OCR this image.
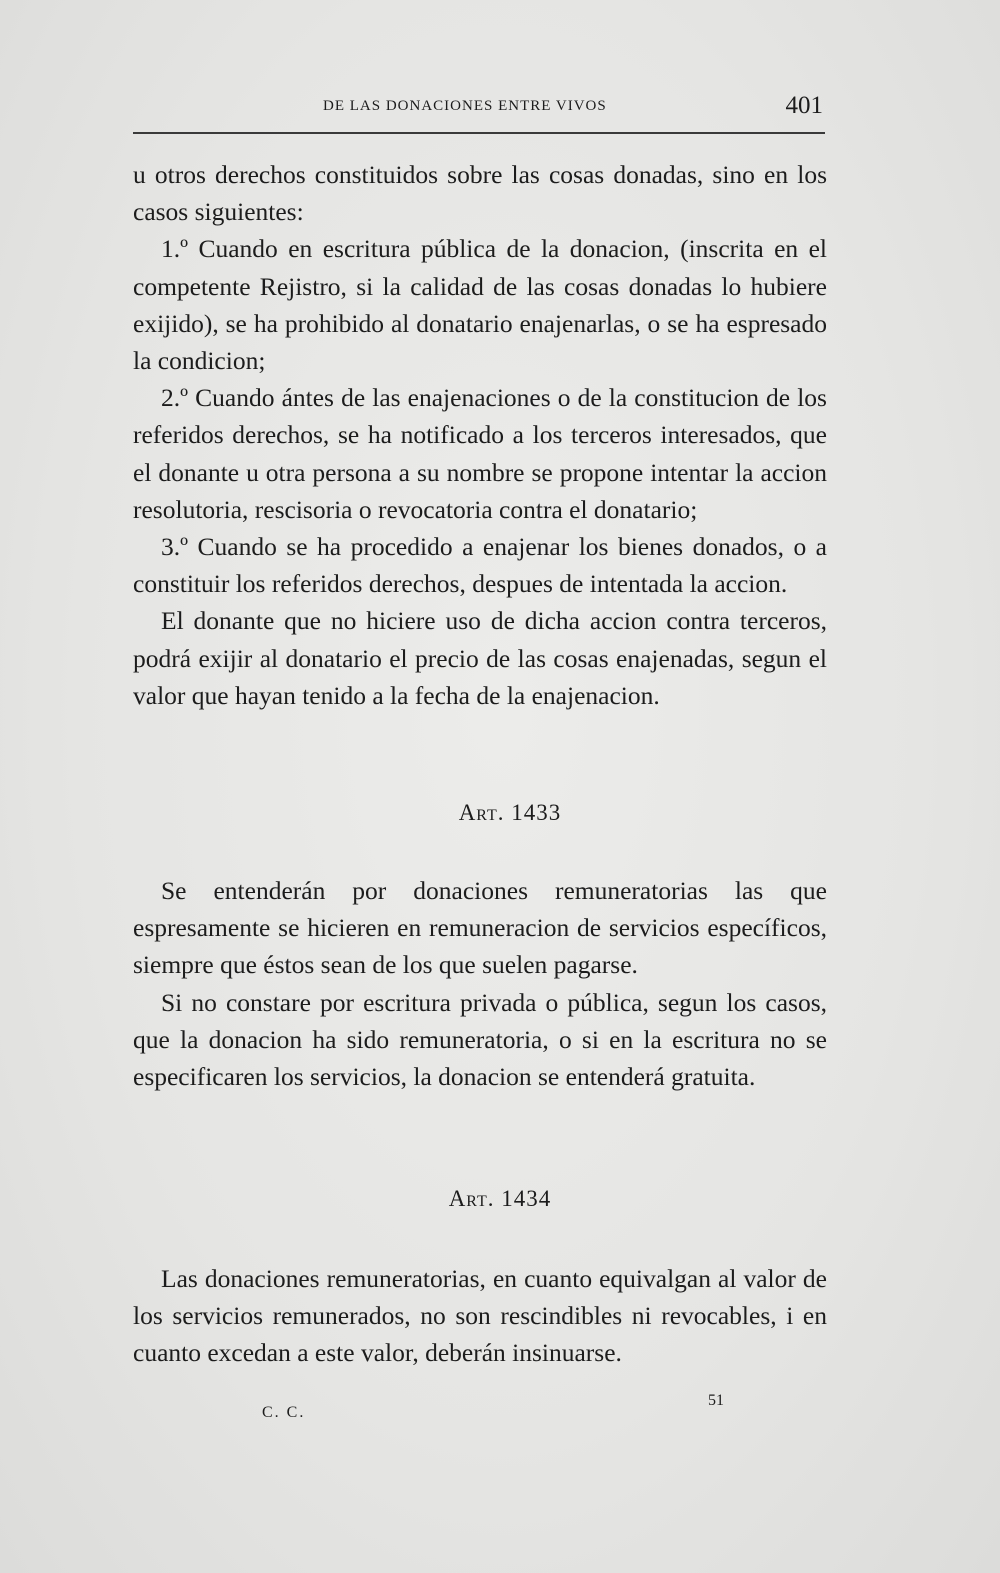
DE LAS DONACIONES ENTRE VIVOS	401

u otros derechos constituidos sobre las cosas donadas, sino en los casos siguientes:

1.º Cuando en escritura pública de la donacion, (inscrita en el competente Rejistro, si la calidad de las cosas donadas lo hubiere exijido), se ha prohibido al donatario enajenarlas, o se ha espresado la condicion;

2.º Cuando ántes de las enajenaciones o de la constitucion de los referidos derechos, se ha notificado a los terceros interesados, que el donante u otra persona a su nombre se propone intentar la accion resolutoria, rescisoria o revocatoria contra el donatario;

3.º Cuando se ha procedido a enajenar los bienes donados, o a constituir los referidos derechos, despues de intentada la accion.

El donante que no hiciere uso de dicha accion contra terceros, podrá exijir al donatario el precio de las cosas enajenadas, segun el valor que hayan tenido a la fecha de la enajenacion.

Art. 1433

Se entenderán por donaciones remuneratorias las que espresamente se hicieren en remuneracion de servicios específicos, siempre que éstos sean de los que suelen pagarse.

Si no constare por escritura privada o pública, segun los casos, que la donacion ha sido remuneratoria, o si en la escritura no se especificaren los servicios, la donacion se entenderá gratuita.

Art. 1434

Las donaciones remuneratorias, en cuanto equivalgan al valor de los servicios remunerados, no son rescindibles ni revocables, i en cuanto excedan a este valor, deberán insinuarse.

C. C.
51
